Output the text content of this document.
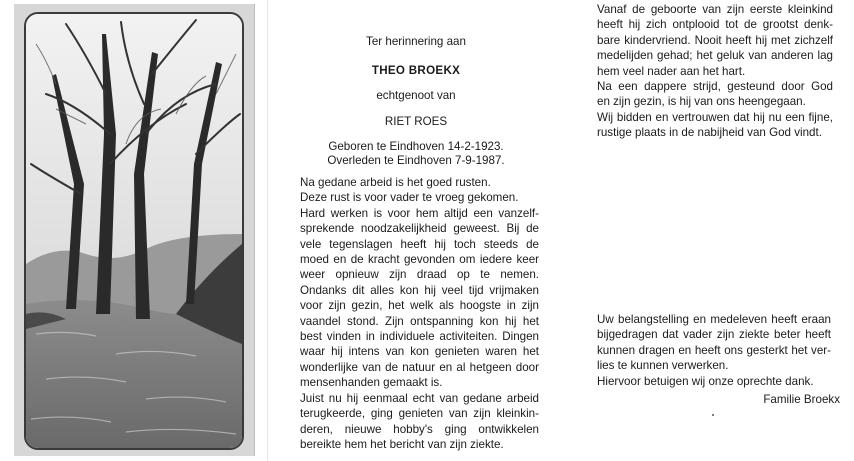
Ter herinnering aan
THEO BROEKX
echtgenoot van
RIET ROES
Geboren te Eindhoven 14-2-1923.
Overleden te Eindhoven 7-9-1987.
Na gedane arbeid is het goed rusten.
Deze rust is voor vader te vroeg gekomen.
Hard werken is voor hem altijd een vanzelf-
sprekende noodzakelijkheid geweest. Bij de
vele tegenslagen heeft hij toch steeds de
moed en de kracht gevonden om iedere keer
weer opnieuw zijn draad op te nemen.
Ondanks dit alles kon hij veel tijd vrijmaken
voor zijn gezin, het welk als hoogste in zijn
vaandel stond. Zijn ontspanning kon hij het
best vinden in individuele activiteiten. Dingen
waar hij intens van kon genieten waren het
wonderlijke van de natuur en al hetgeen door
mensenhanden gemaakt is.
Juist nu hij eenmaal echt van gedane arbeid
terugkeerde, ging genieten van zijn kleinkin-
deren, nieuwe hobby's ging ontwikkelen
bereikte hem het bericht van zijn ziekte.
Vanaf de geboorte van zijn eerste kleinkind
heeft hij zich ontplooid tot de grootst denk-
bare kindervriend. Nooit heeft hij met zichzelf
medelijden gehad; het geluk van anderen lag
hem veel nader aan het hart.
Na een dappere strijd, gesteund door God
en zijn gezin, is hij van ons heengegaan.
Wij bidden en vertrouwen dat hij nu een fijne,
rustige plaats in de nabijheid van God vindt.
Uw belangstelling en medeleven heeft eraan
bijgedragen dat vader zijn ziekte beter heeft
kunnen dragen en heeft ons gesterkt het ver-
lies te kunnen verwerken.
Hiervoor betuigen wij onze oprechte dank.
Familie Broekx
